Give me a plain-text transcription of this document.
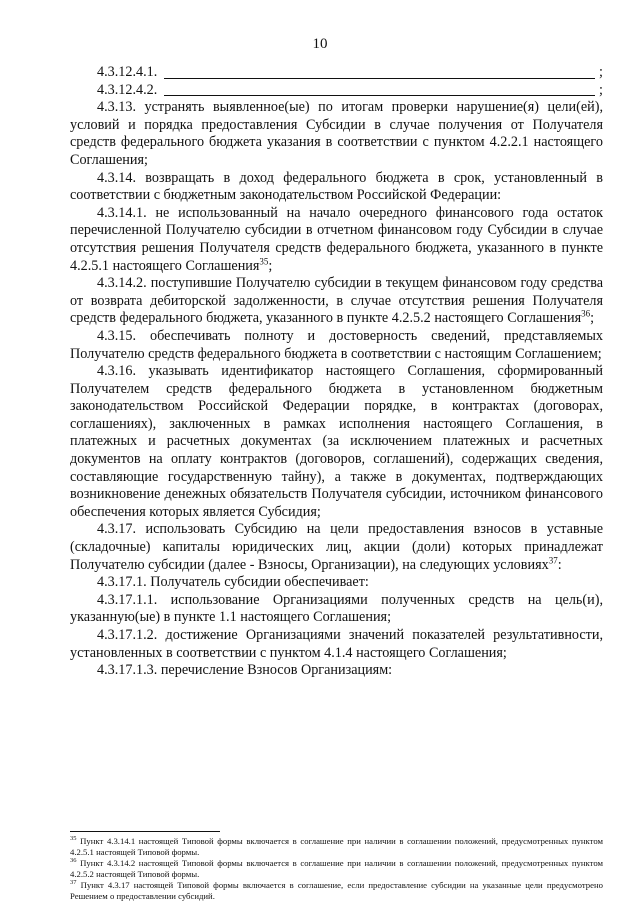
10
4.3.12.4.1.	;
4.3.12.4.2.	;

4.3.13. устранять выявленное(ые) по итогам проверки нарушение(я) цели(ей), условий и порядка предоставления Субсидии в случае получения от Получателя средств федерального бюджета указания в соответствии с пунктом 4.2.2.1 настоящего Соглашения;

4.3.14. возвращать в доход федерального бюджета в срок, установленный в соответствии с бюджетным законодательством Российской Федерации:

4.3.14.1. не использованный на начало очередного финансового года остаток перечисленной Получателю субсидии в отчетном финансовом году Субсидии в случае отсутствия решения Получателя средств федерального бюджета, указанного в пункте 4.2.5.1 настоящего Соглашения$^{35}$;

4.3.14.2. поступившие Получателю субсидии в текущем финансовом году средства от возврата дебиторской задолженности, в случае отсутствия решения Получателя средств федерального бюджета, указанного в пункте 4.2.5.2 настоящего Соглашения$^{36}$;

4.3.15. обеспечивать полноту и достоверность сведений, представляемых Получателю средств федерального бюджета в соответствии с настоящим Соглашением;

4.3.16. указывать идентификатор настоящего Соглашения, сформированный Получателем средств федерального бюджета в установленном бюджетным законодательством Российской Федерации порядке, в контрактах (договорах, соглашениях), заключенных в рамках исполнения настоящего Соглашения, в платежных и расчетных документах (за исключением платежных и расчетных документов на оплату контрактов (договоров, соглашений), содержащих сведения, составляющие государственную тайну), а также в документах, подтверждающих возникновение денежных обязательств Получателя субсидии, источником финансового обеспечения которых является Субсидия;

4.3.17. использовать Субсидию на цели предоставления взносов в уставные (складочные) капиталы юридических лиц, акции (доли) которых принадлежат Получателю субсидии (далее - Взносы, Организации), на следующих условиях$^{37}$:

4.3.17.1. Получатель субсидии обеспечивает:

4.3.17.1.1. использование Организациями полученных средств на цель(и), указанную(ые) в пункте 1.1 настоящего Соглашения;

4.3.17.1.2. достижение Организациями значений показателей результативности, установленных в соответствии с пунктом 4.1.4 настоящего Соглашения;

4.3.17.1.3. перечисление Взносов Организациям:

$^{35}$ Пункт 4.3.14.1 настоящей Типовой формы включается в соглашение при наличии в соглашении положений, предусмотренных пунктом 4.2.5.1 настоящей Типовой формы.

$^{36}$ Пункт 4.3.14.2 настоящей Типовой формы включается в соглашение при наличии в соглашении положений, предусмотренных пунктом 4.2.5.2 настоящей Типовой формы.

$^{37}$ Пункт 4.3.17 настоящей Типовой формы включается в соглашение, если предоставление субсидии на указанные цели предусмотрено Решением о предоставлении субсидий.
